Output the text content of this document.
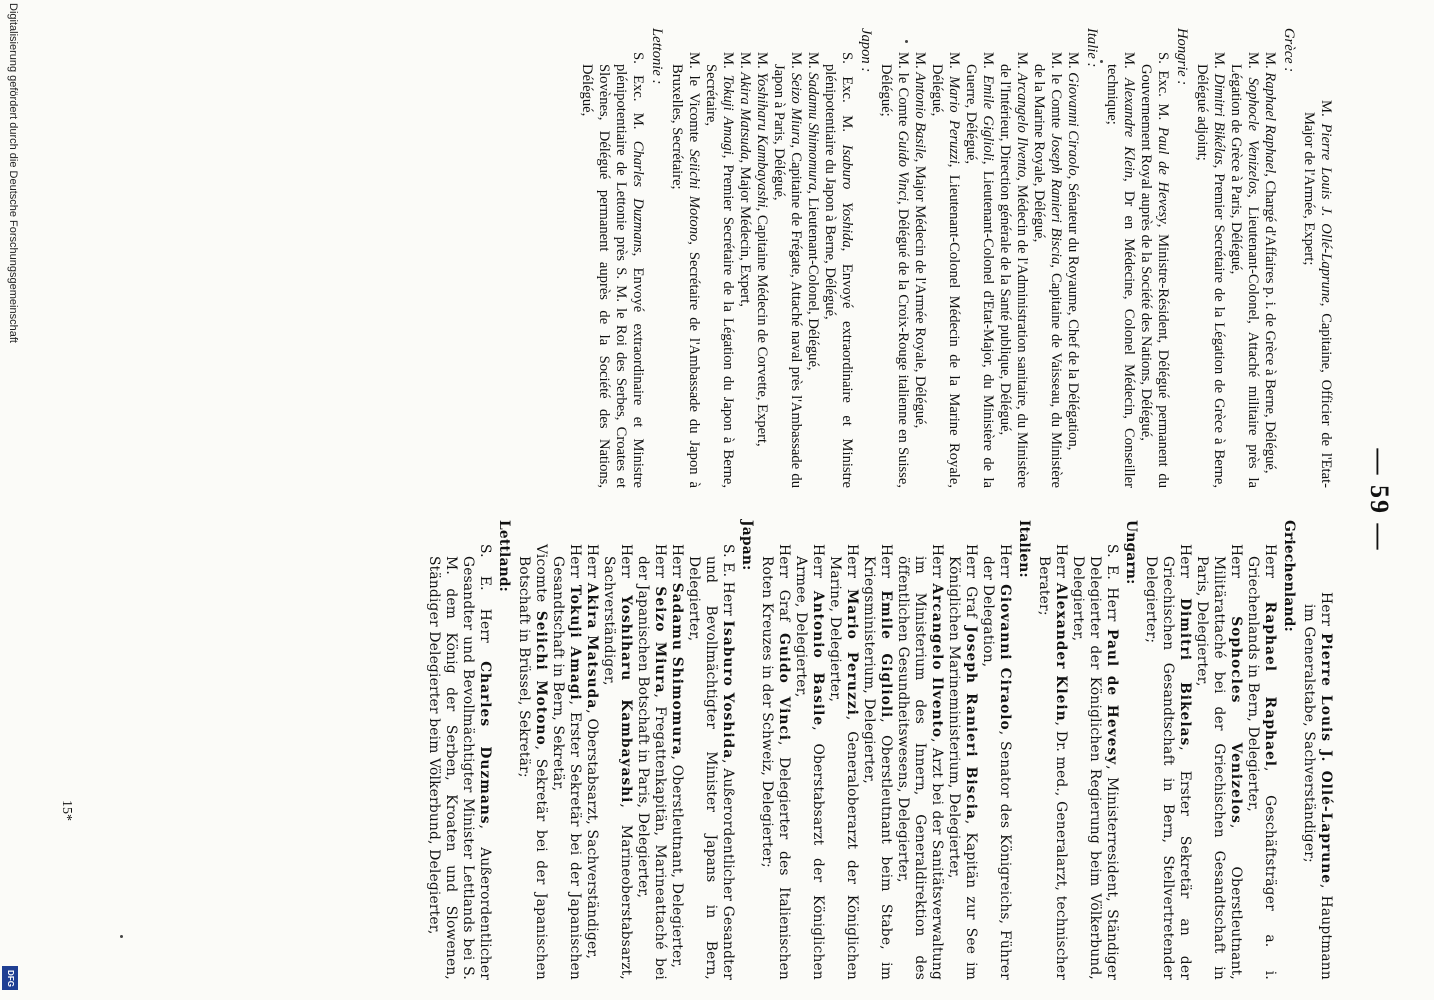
Digitalisierung gefördert durch die Deutsche Forschungsgemeinschaft
DFG
— 59 —
M. Pierre Louis J. Ollé-Laprune, Capitaine, Officier de l'Etat-Major de l'Armée, Expert;
Grèce :
M. Raphael Raphael, Chargé d'Affaires p. i. de Grèce à Berne, Délégué,
M. Sophocle Venizelos, Lieutenant-Colonel, Attaché militaire près la Légation de Grèce à Paris, Délégué,
M. Dimitri Bikélas, Premier Secrétaire de la Légation de Grèce à Berne, Délégué adjoint;
Hongrie :
S. Exc. M. Paul de Hevesy, Ministre-Résident, Délégué permanent du Gouvernement Royal auprès de la Société des Nations, Délégué,
M. Alexandre Klein, Dr en Médecine, Colonel Médecin, Conseiller technique;
Italie :
M. Giovanni Ciraolo, Sénateur du Royaume, Chef de la Délégation,
M. le Comte Joseph Ranieri Biscia, Capitaine de Vaisseau, du Ministère de la Marine Royale, Délégué,
M. Arcangelo Ilvento, Médecin de l'Administration sanitaire, du Ministère de l'Intérieur, Direction générale de la Santé publique, Délégué,
M. Emile Giglioli, Lieutenant-Colonel d'Etat-Major, du Ministère de la Guerre, Délégué,
M. Mario Peruzzi, Lieutenant-Colonel Médecin de la Marine Royale, Délégué,
M. Antonio Basile, Major Médecin de l'Armée Royale, Délégué,
M. le Comte Guido Vinci, Délégué de la Croix-Rouge italienne en Suisse, Délégué;
Japon :
S. Exc. M. Isaburo Yoshida, Envoyé extraordinaire et Ministre plénipotentiaire du Japon à Berne, Délégué,
M. Sadamu Shimomura, Lieutenant-Colonel, Délégué,
M. Seizo Miura, Capitaine de Frégate, Attaché naval près l'Ambassade du Japon à Paris, Délégué,
M. Yoshiharu Kambayashi, Capitaine Médecin de Corvette, Expert,
M. Akira Matsuda, Major Médecin, Expert,
M. Tokuji Amagi, Premier Secrétaire de la Légation du Japon à Berne, Secrétaire,
M. le Vicomte Seiichi Motono, Secrétaire de l'Ambassade du Japon à Bruxelles, Secrétaire;
Lettonie :
S. Exc. M. Charles Duzmans, Envoyé extraordinaire et Ministre plénipotentiaire de Lettonie près S. M. le Roi des Serbes, Croates et Slovènes, Délégué permanent auprès de la Société des Nations, Délégué,
Herr Pierre Louis J. Ollé-Laprune, Hauptmann im Generalstabe, Sachverständiger;
Griechenland:
Herr Raphael Raphael, Geschäftsträger a. i. Griechenlands in Bern, Delegierter,
Herr Sophocles Venizelos, Oberstleutnant, Militärattaché bei der Griechischen Gesandtschaft in Paris, Delegierter,
Herr Dimitri Bikelas, Erster Sekretär an der Griechischen Gesandtschaft in Bern, Stellvertretender Delegierter;
Ungarn:
S. E. Herr Paul de Hevesy, Ministerresident, Ständiger Delegierter der Königlichen Regierung beim Völkerbund, Delegierter,
Herr Alexander Klein, Dr. med., Generalarzt, technischer Berater;
Italien:
Herr Giovanni Ciraolo, Senator des Königreichs, Führer der Delegation,
Herr Graf Joseph Ranieri Biscia, Kapitän zur See im Königlichen Marineministerium, Delegierter,
Herr Arcangelo Ilvento, Arzt bei der Sanitätsverwaltung im Ministerium des Innern, Generaldirektion des öffentlichen Gesundheitswesens, Delegierter,
Herr Emile Giglioli, Oberstleutnant beim Stabe, im Kriegsministerium, Delegierter,
Herr Mario Peruzzi, Generaloberarzt der Königlichen Marine, Delegierter,
Herr Antonio Basile, Oberstabsarzt der Königlichen Armee, Delegierter,
Herr Graf Guido Vinci, Delegierter des Italienischen Roten Kreuzes in der Schweiz, Delegierter;
Japan:
S. E. Herr Isaburo Yoshida, Außerordentlicher Gesandter und Bevollmächtigter Minister Japans in Bern, Delegierter,
Herr Sadamu Shimomura, Oberstleutnant, Delegierter,
Herr Seizo Miura, Fregattenkapitän, Marineattaché bei der Japanischen Botschaft in Paris, Delegierter,
Herr Yoshiharu Kambayashi, Marineoberstabsarzt, Sachverständiger,
Herr Akira Matsuda, Oberstabsarzt, Sachverständiger,
Herr Tokuji Amagi, Erster Sekretär bei der Japanischen Gesandtschaft in Bern, Sekretär,
Vicomte Seiichi Motono, Sekretär bei der Japanischen Botschaft in Brüssel, Sekretär;
Lettland:
S. E. Herr Charles Duzmans, Außerordentlicher Gesandter und Bevollmächtigter Minister Lettlands bei S. M. dem König der Serben, Kroaten und Slowenen, Ständiger Delegierter beim Völkerbund, Delegierter,
15*
